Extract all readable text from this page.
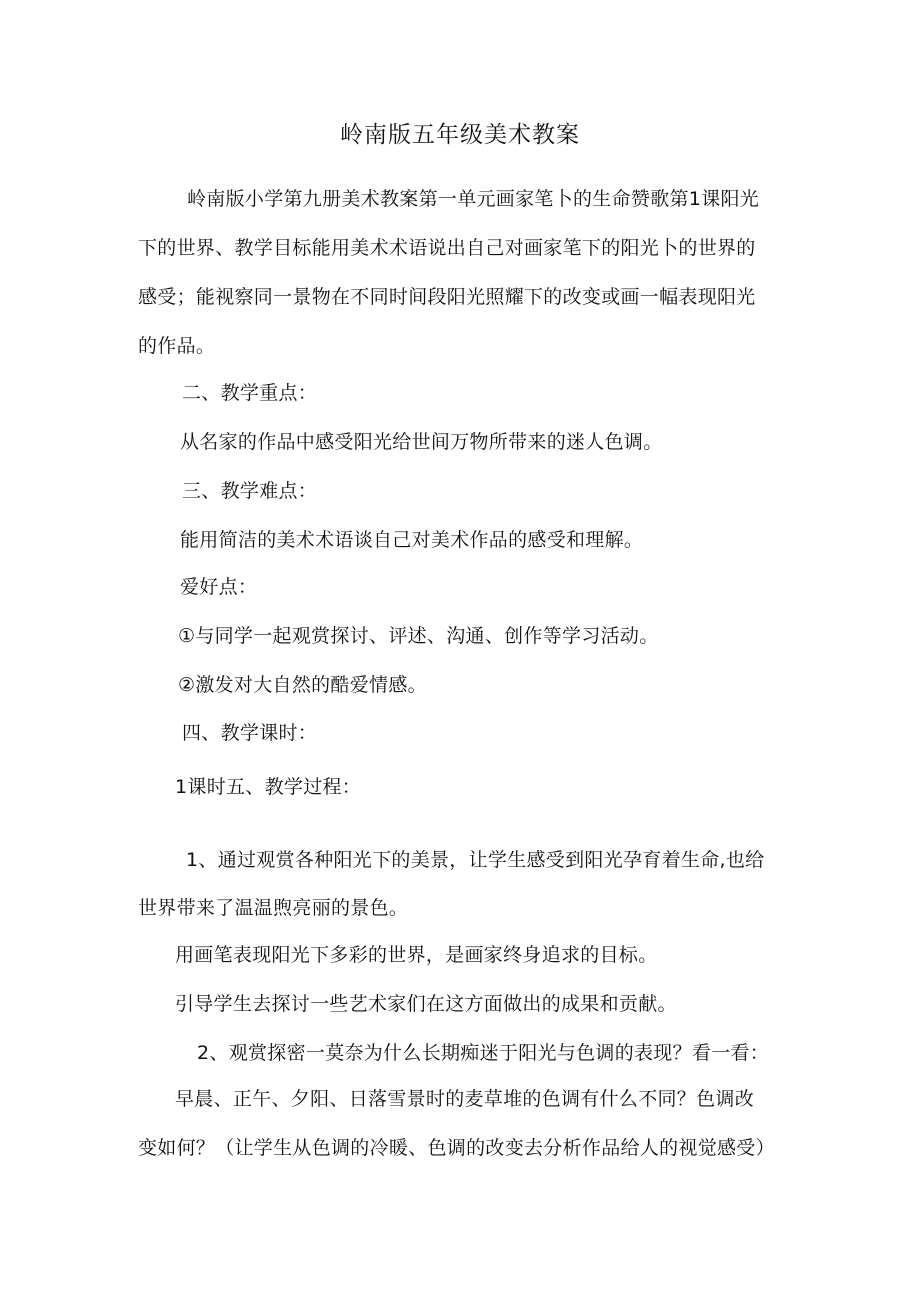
岭南版五年级美术教案
岭南版小学第九册美术教案第一单元画家笔卜的生命赞歌第1课阳光
下的世界、教学目标能用美术术语说出自己对画家笔下的阳光卜的世界的
感受；能视察同一景物在不同时间段阳光照耀下的改变或画一幅表现阳光
的作品。
二、教学重点：
从名家的作品中感受阳光给世间万物所带来的迷人色调。
三、教学难点：
能用简洁的美术术语谈自己对美术作品的感受和理解。
爱好点：
①与同学一起观赏探讨、评述、沟通、创作等学习活动。
②激发对大自然的酷爱情感。
四、教学课时：
1课时五、教学过程：
1、通过观赏各种阳光下的美景，让学生感受到阳光孕育着生命,也给
世界带来了温温煦亮丽的景色。
用画笔表现阳光下多彩的世界，是画家终身追求的目标。
引导学生去探讨一些艺术家们在这方面做出的成果和贡献。
2、观赏探密一莫奈为什么长期痴迷于阳光与色调的表现？看一看：
早晨、正午、夕阳、日落雪景时的麦草堆的色调有什么不同？色调改
变如何？（让学生从色调的冷暖、色调的改变去分析作品给人的视觉感受）
